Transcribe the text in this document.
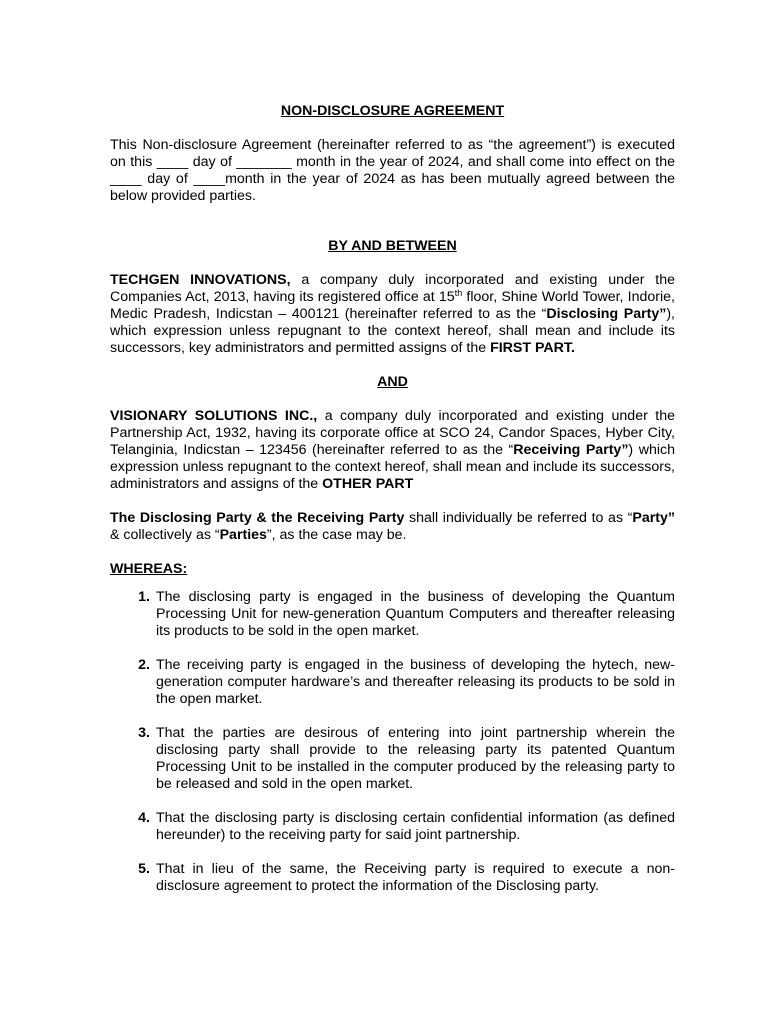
NON-DISCLOSURE AGREEMENT

This Non-disclosure Agreement (hereinafter referred to as “the agreement”) is executed on this ____ day of _______ month in the year of 2024, and shall come into effect on the ____ day of ____month in the year of 2024 as has been mutually agreed between the below provided parties.

BY AND BETWEEN

TECHGEN INNOVATIONS, a company duly incorporated and existing under the Companies Act, 2013, having its registered office at 15th floor, Shine World Tower, Indorie, Medic Pradesh, Indicstan – 400121 (hereinafter referred to as the “Disclosing Party”), which expression unless repugnant to the context hereof, shall mean and include its successors, key administrators and permitted assigns of the FIRST PART.

AND

VISIONARY SOLUTIONS INC., a company duly incorporated and existing under the Partnership Act, 1932, having its corporate office at SCO 24, Candor Spaces, Hyber City, Telanginia, Indicstan – 123456 (hereinafter referred to as the “Receiving Party”) which expression unless repugnant to the context hereof, shall mean and include its successors, administrators and assigns of the OTHER PART

The Disclosing Party & the Receiving Party shall individually be referred to as “Party” & collectively as “Parties”, as the case may be.

WHEREAS:
1. The disclosing party is engaged in the business of developing the Quantum Processing Unit for new-generation Quantum Computers and thereafter releasing its products to be sold in the open market.
2. The receiving party is engaged in the business of developing the hytech, new-generation computer hardware’s and thereafter releasing its products to be sold in the open market.
3. That the parties are desirous of entering into joint partnership wherein the disclosing party shall provide to the releasing party its patented Quantum Processing Unit to be installed in the computer produced by the releasing party to be released and sold in the open market.
4. That the disclosing party is disclosing certain confidential information (as defined hereunder) to the receiving party for said joint partnership.
5. That in lieu of the same, the Receiving party is required to execute a non-disclosure agreement to protect the information of the Disclosing party.
